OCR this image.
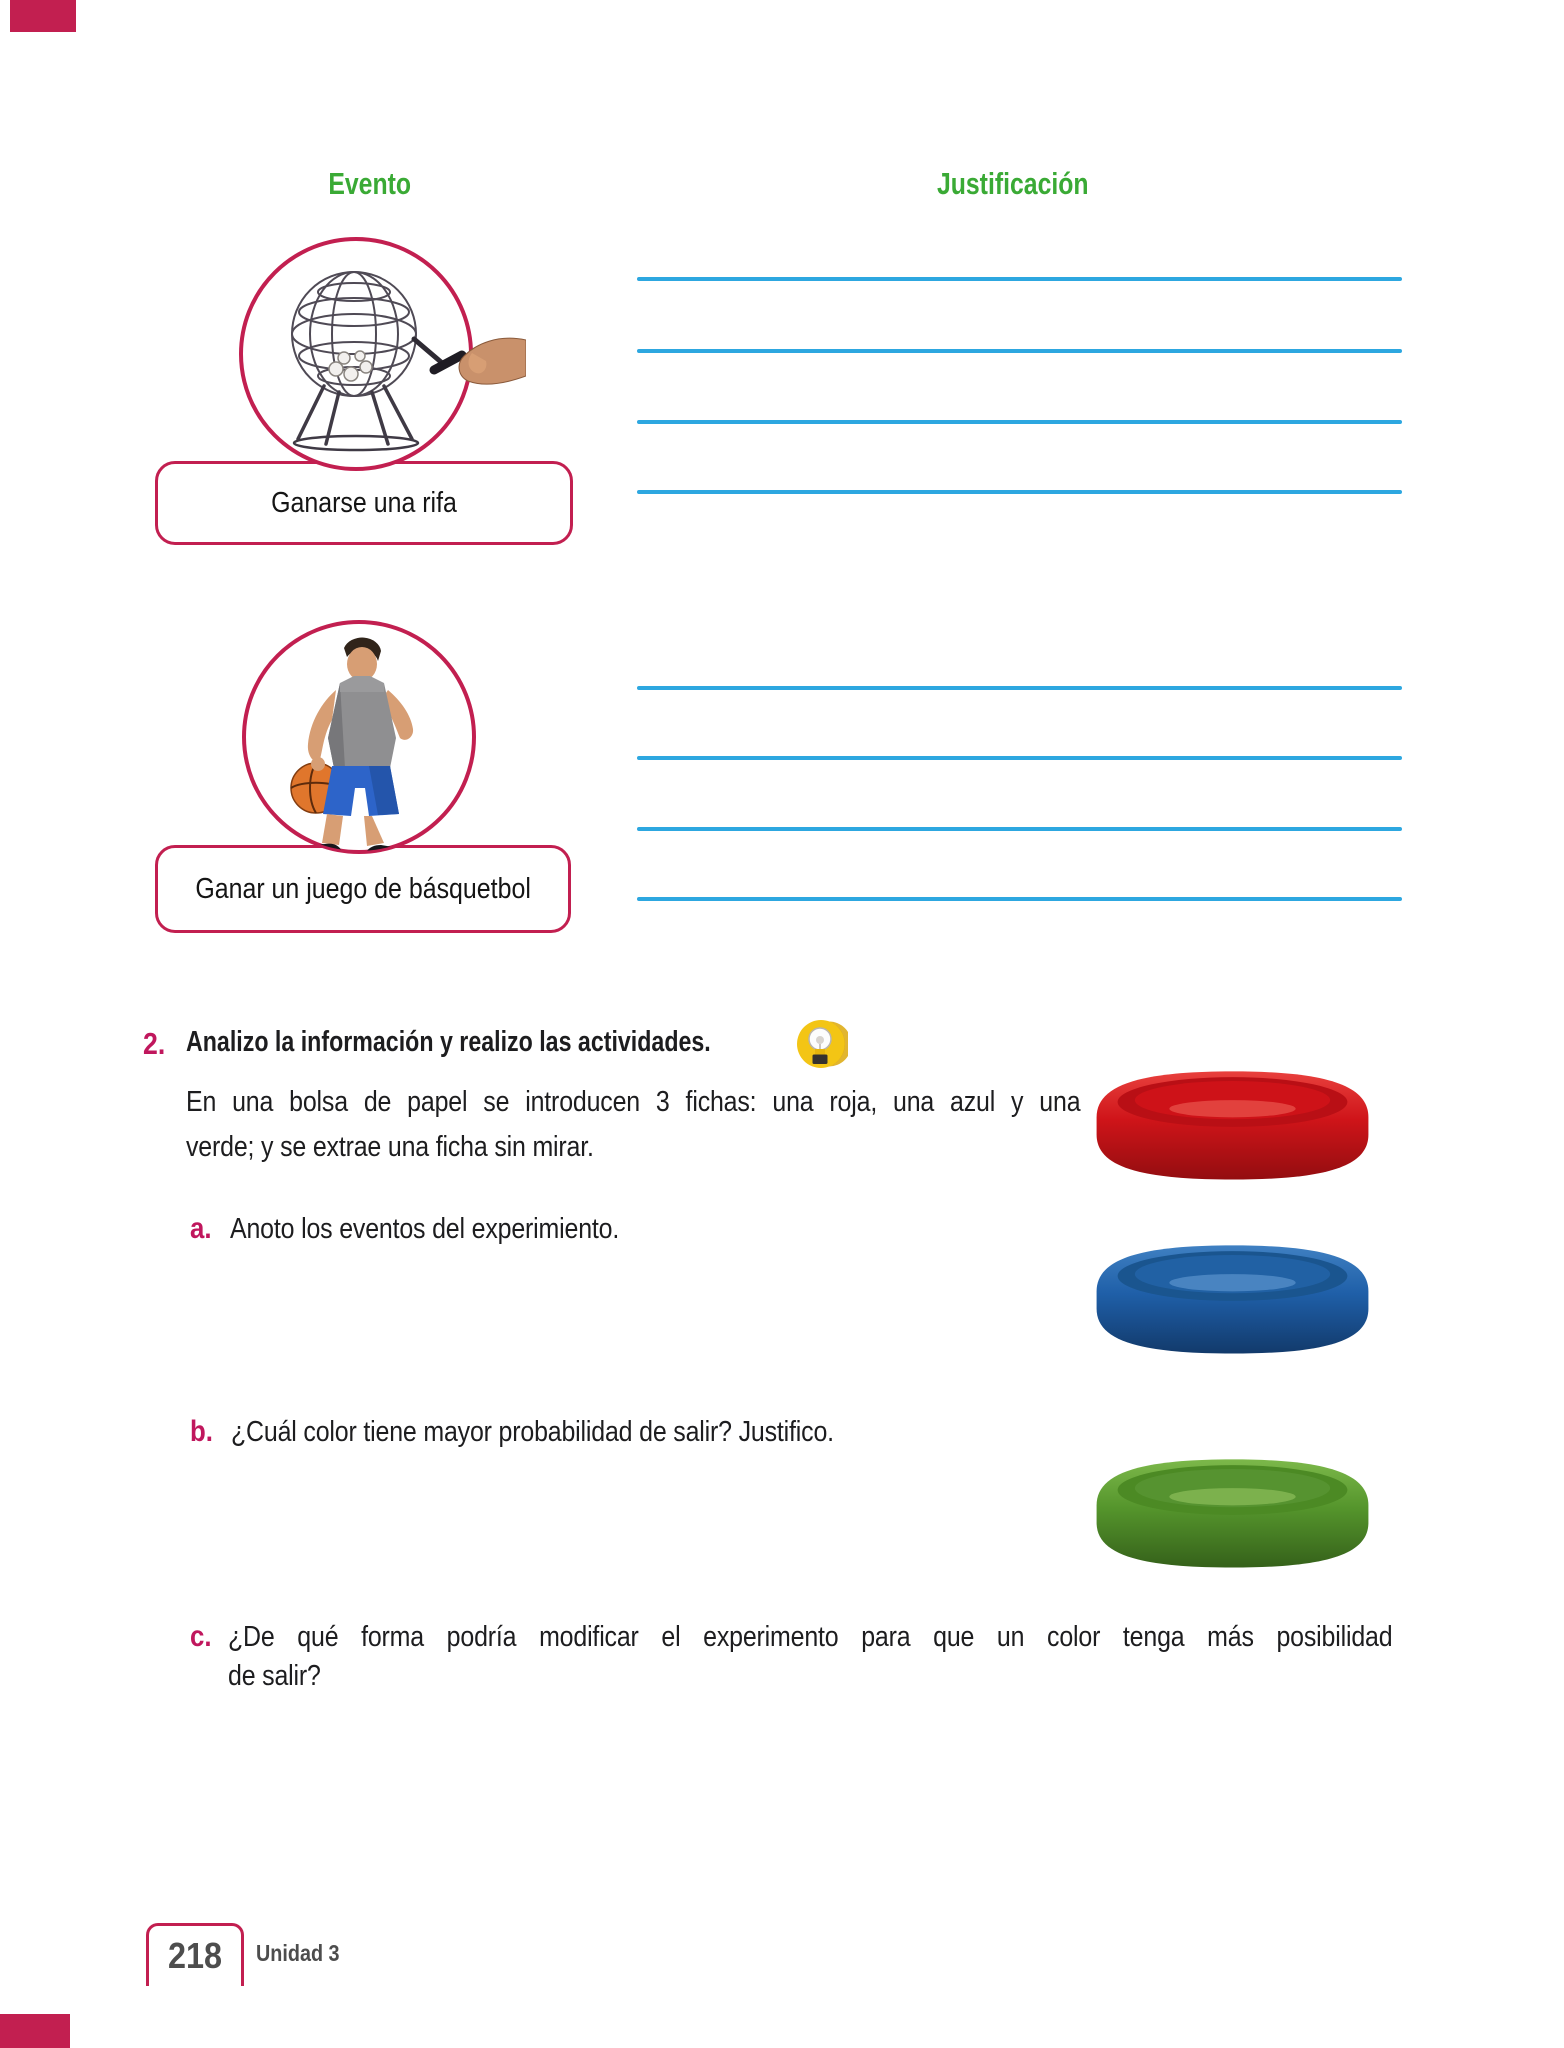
Evento	Justificación
Ganarse una rifa
Ganar un juego de básquetbol
2. Analizo la información y realizo las actividades.
En una bolsa de papel se introducen 3 fichas: una roja, una azul y una
verde; y se extrae una ficha sin mirar.
a. Anoto los eventos del experimiento.
b. ¿Cuál color tiene mayor probabilidad de salir? Justifico.
c. ¿De qué forma podría modificar el experimento para que un color tenga más posibilidad
de salir?
218 Unidad 3
